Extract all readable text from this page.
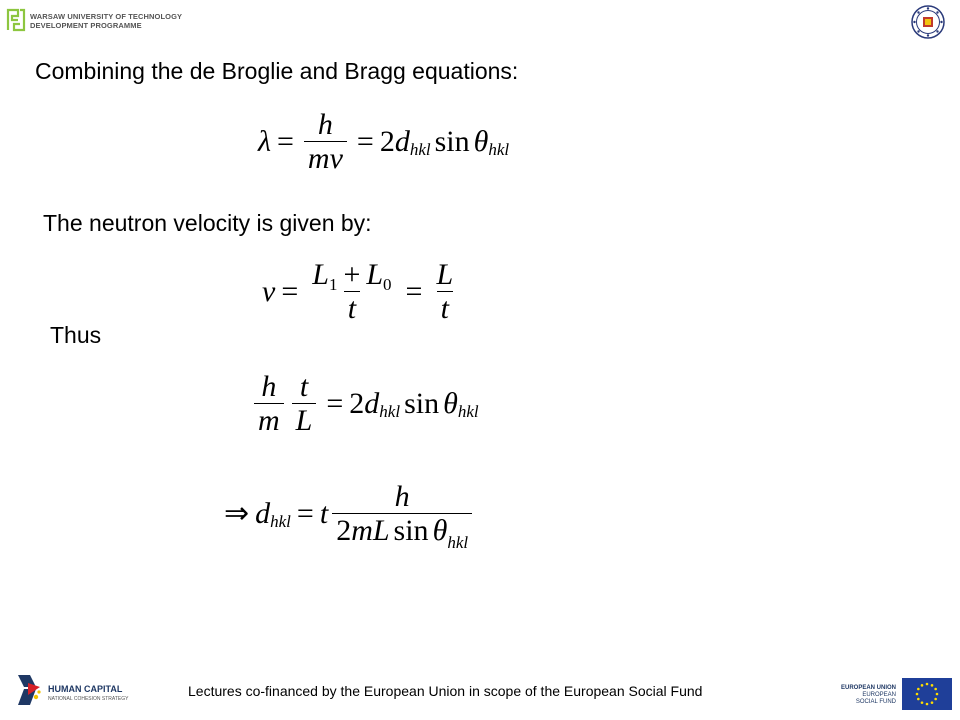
WARSAW UNIVERSITY OF TECHNOLOGY
DEVELOPMENT PROGRAMME
Combining the de Broglie and Bragg equations:
The neutron velocity is given by:
Thus
$\lambda = \frac{h}{mv} = 2$ d hkl sin θ hkl
$v = \frac{L_1 + L_0}{t} = \frac{L}{t}$
$\frac{h}{m} \frac{t}{L} = 2$ d hkl sin θ hkl
⇒ d hkl = t $\frac{h}{2mL \sin \theta_{hkl}}$
HUMAN CAPITAL
NATIONAL COHESION STRATEGY	Lectures co-financed by the European Union in scope of the European Social Fund	EUROPEAN UNION
EUROPEAN
SOCIAL FUND
